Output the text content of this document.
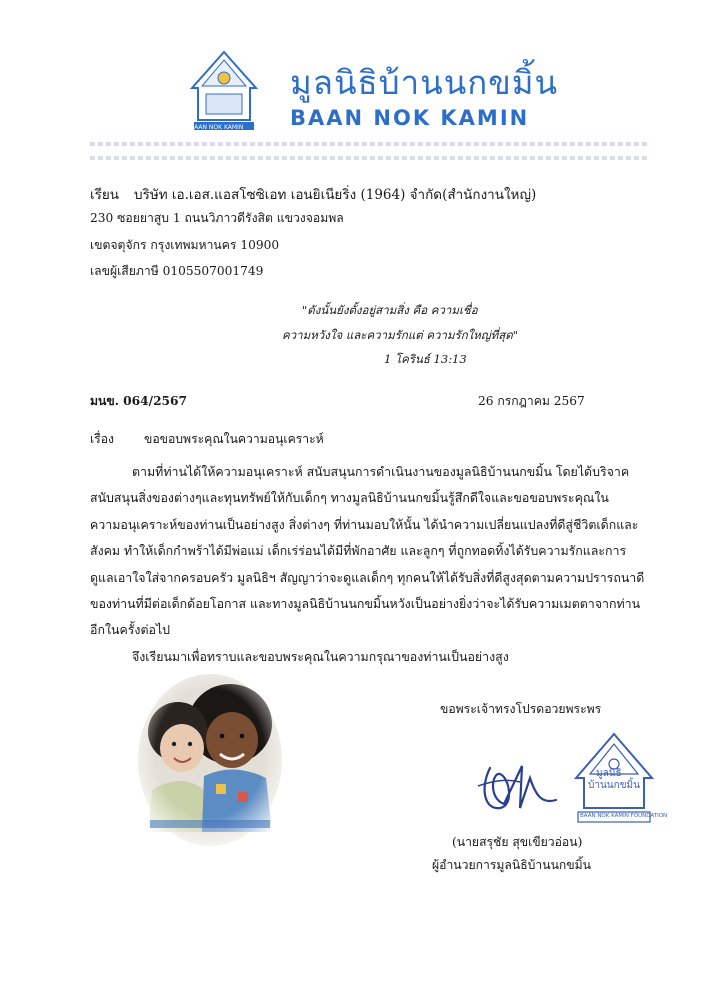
BAAN NOK KAMIN
มูลนิธิบ้านนกขมิ้น
BAAN NOK KAMIN
เรียน บริษัท เอ.เอส.แอสโซซิเอท เอนยิเนียริ่ง (1964) จำกัด(สำนักงานใหญ่)
230 ซอยยาสูบ 1 ถนนวิภาวดีรังสิต แขวงจอมพล
เขตจตุจักร กรุงเทพมหานคร 10900
เลขผู้เสียภาษี 0105507001749
"ดังนั้นยังตั้งอยู่สามสิ่ง คือ ความเชื่อ
ความหวังใจ และความรักแต่ ความรักใหญ่ที่สุด"
1 โครินธ์ 13:13
มนข. 064/2567	26 กรกฎาคม 2567
เรื่อง ขอขอบพระคุณในความอนุเคราะห์
ตามที่ท่านได้ให้ความอนุเคราะห์ สนับสนุนการดำเนินงานของมูลนิธิบ้านนกขมิ้น โดยได้บริจาค
สนับสนุนสิ่งของต่างๆและทุนทรัพย์ให้กับเด็กๆ ทางมูลนิธิบ้านนกขมิ้นรู้สึกดีใจและขอขอบพระคุณใน
ความอนุเคราะห์ของท่านเป็นอย่างสูง สิ่งต่างๆ ที่ท่านมอบให้นั้น ได้นำความเปลี่ยนแปลงที่ดีสู่ชีวิตเด็กและ
สังคม ทำให้เด็กกำพร้าได้มีพ่อแม่ เด็กเร่ร่อนได้มีที่พักอาศัย และลูกๆ ที่ถูกทอดทิ้งได้รับความรักและการ
ดูแลเอาใจใส่จากครอบครัว มูลนิธิฯ สัญญาว่าจะดูแลเด็กๆ ทุกคนให้ได้รับสิ่งที่ดีสูงสุดตามความปรารถนาดี
ของท่านที่มีต่อเด็กด้อยโอกาส และทางมูลนิธิบ้านนกขมิ้นหวังเป็นอย่างยิ่งว่าจะได้รับความเมตตาจากท่าน
อีกในครั้งต่อไป
จึงเรียนมาเพื่อทราบและขอบพระคุณในความกรุณาของท่านเป็นอย่างสูง
ขอพระเจ้าทรงโปรดอวยพระพร
มูลนิธิ
บ้านนกขมิ้น
BAAN NOK KAMIN FOUNDATION
(นายสรุชัย สุขเขียวอ่อน)
ผู้อำนวยการมูลนิธิบ้านนกขมิ้น
